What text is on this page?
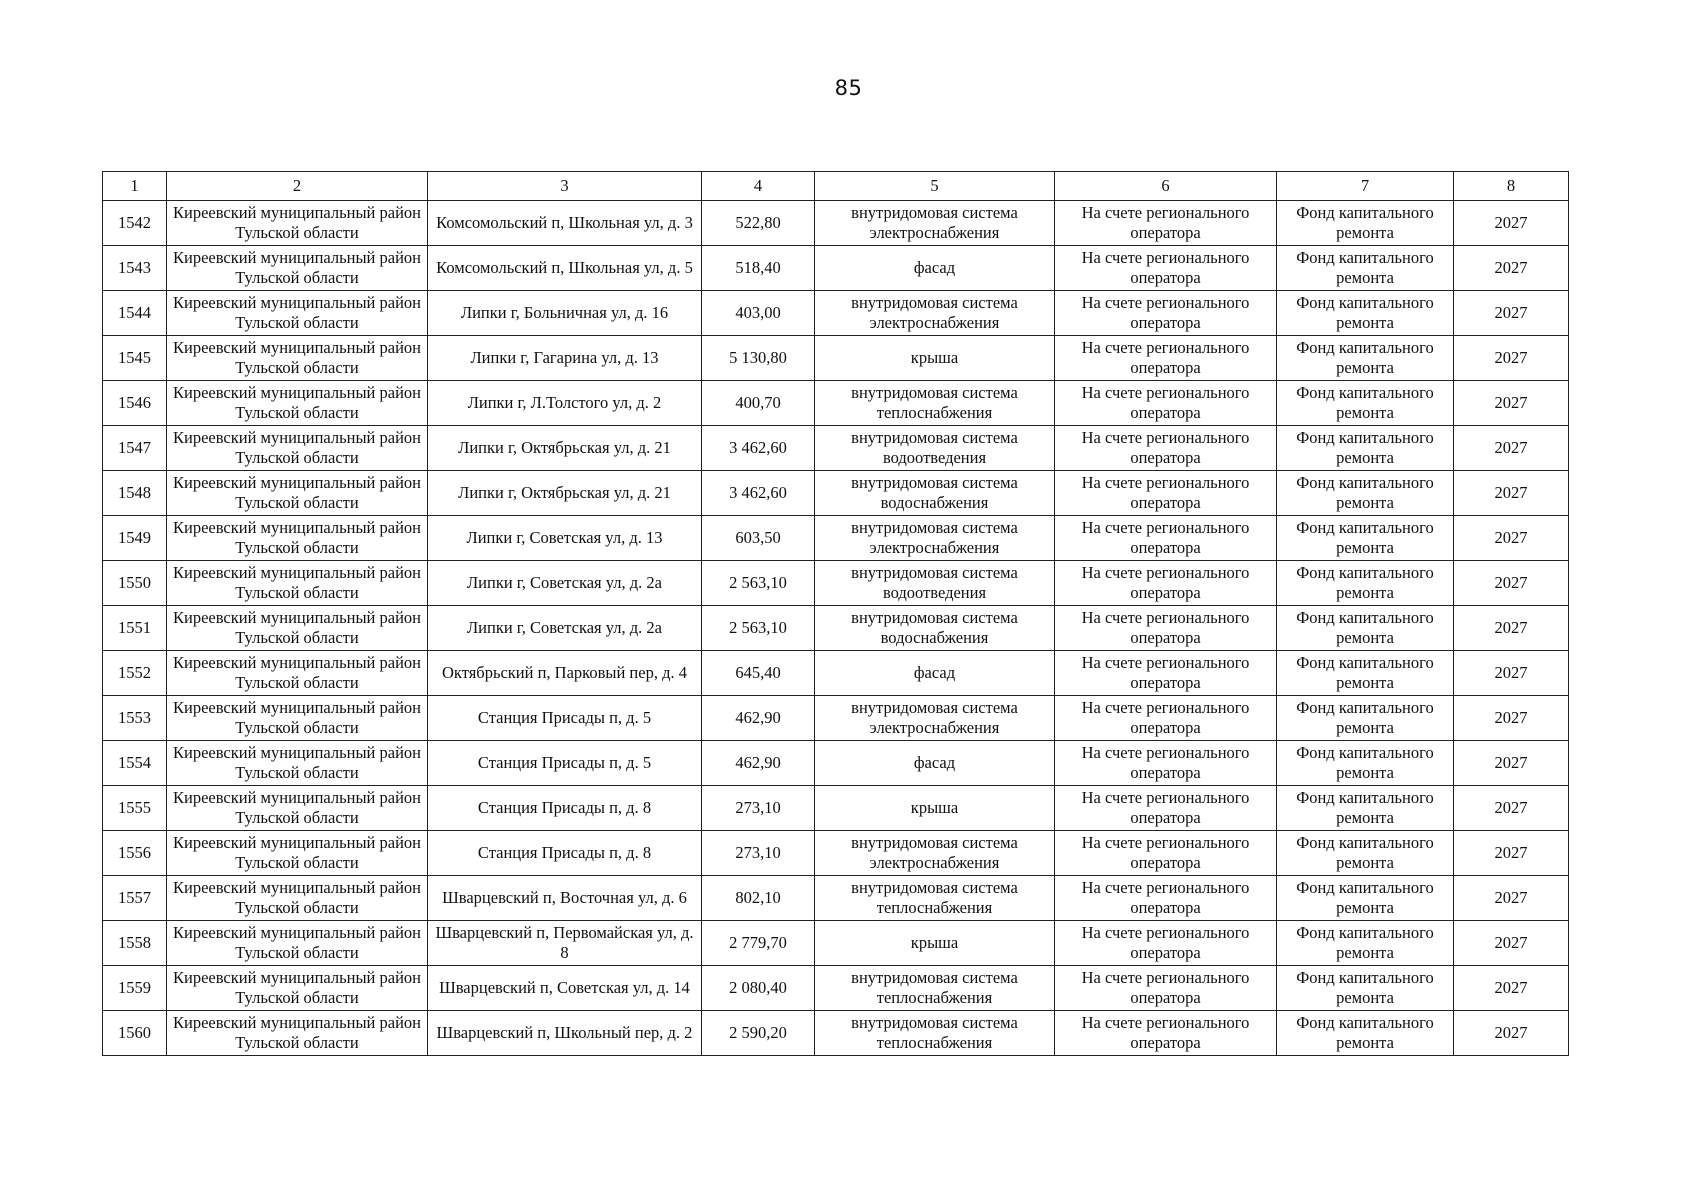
85
1	2	3	4	5	6	7	8
1542	Киреевский муниципальный район Тульской области	Комсомольский п, Школьная ул, д. 3	522,80	внутридомовая система электроснабжения	На счете регионального оператора	Фонд капитального ремонта	2027
1543	Киреевский муниципальный район Тульской области	Комсомольский п, Школьная ул, д. 5	518,40	фасад	На счете регионального оператора	Фонд капитального ремонта	2027
1544	Киреевский муниципальный район Тульской области	Липки г, Больничная ул, д. 16	403,00	внутридомовая система электроснабжения	На счете регионального оператора	Фонд капитального ремонта	2027
1545	Киреевский муниципальный район Тульской области	Липки г, Гагарина ул, д. 13	5 130,80	крыша	На счете регионального оператора	Фонд капитального ремонта	2027
1546	Киреевский муниципальный район Тульской области	Липки г, Л.Толстого ул, д. 2	400,70	внутридомовая система теплоснабжения	На счете регионального оператора	Фонд капитального ремонта	2027
1547	Киреевский муниципальный район Тульской области	Липки г, Октябрьская ул, д. 21	3 462,60	внутридомовая система водоотведения	На счете регионального оператора	Фонд капитального ремонта	2027
1548	Киреевский муниципальный район Тульской области	Липки г, Октябрьская ул, д. 21	3 462,60	внутридомовая система водоснабжения	На счете регионального оператора	Фонд капитального ремонта	2027
1549	Киреевский муниципальный район Тульской области	Липки г, Советская ул, д. 13	603,50	внутридомовая система электроснабжения	На счете регионального оператора	Фонд капитального ремонта	2027
1550	Киреевский муниципальный район Тульской области	Липки г, Советская ул, д. 2а	2 563,10	внутридомовая система водоотведения	На счете регионального оператора	Фонд капитального ремонта	2027
1551	Киреевский муниципальный район Тульской области	Липки г, Советская ул, д. 2а	2 563,10	внутридомовая система водоснабжения	На счете регионального оператора	Фонд капитального ремонта	2027
1552	Киреевский муниципальный район Тульской области	Октябрьский п, Парковый пер, д. 4	645,40	фасад	На счете регионального оператора	Фонд капитального ремонта	2027
1553	Киреевский муниципальный район Тульской области	Станция Присады п, д. 5	462,90	внутридомовая система электроснабжения	На счете регионального оператора	Фонд капитального ремонта	2027
1554	Киреевский муниципальный район Тульской области	Станция Присады п, д. 5	462,90	фасад	На счете регионального оператора	Фонд капитального ремонта	2027
1555	Киреевский муниципальный район Тульской области	Станция Присады п, д. 8	273,10	крыша	На счете регионального оператора	Фонд капитального ремонта	2027
1556	Киреевский муниципальный район Тульской области	Станция Присады п, д. 8	273,10	внутридомовая система электроснабжения	На счете регионального оператора	Фонд капитального ремонта	2027
1557	Киреевский муниципальный район Тульской области	Шварцевский п, Восточная ул, д. 6	802,10	внутридомовая система теплоснабжения	На счете регионального оператора	Фонд капитального ремонта	2027
1558	Киреевский муниципальный район Тульской области	Шварцевский п, Первомайская ул, д. 8	2 779,70	крыша	На счете регионального оператора	Фонд капитального ремонта	2027
1559	Киреевский муниципальный район Тульской области	Шварцевский п, Советская ул, д. 14	2 080,40	внутридомовая система теплоснабжения	На счете регионального оператора	Фонд капитального ремонта	2027
1560	Киреевский муниципальный район Тульской области	Шварцевский п, Школьный пер, д. 2	2 590,20	внутридомовая система теплоснабжения	На счете регионального оператора	Фонд капитального ремонта	2027
